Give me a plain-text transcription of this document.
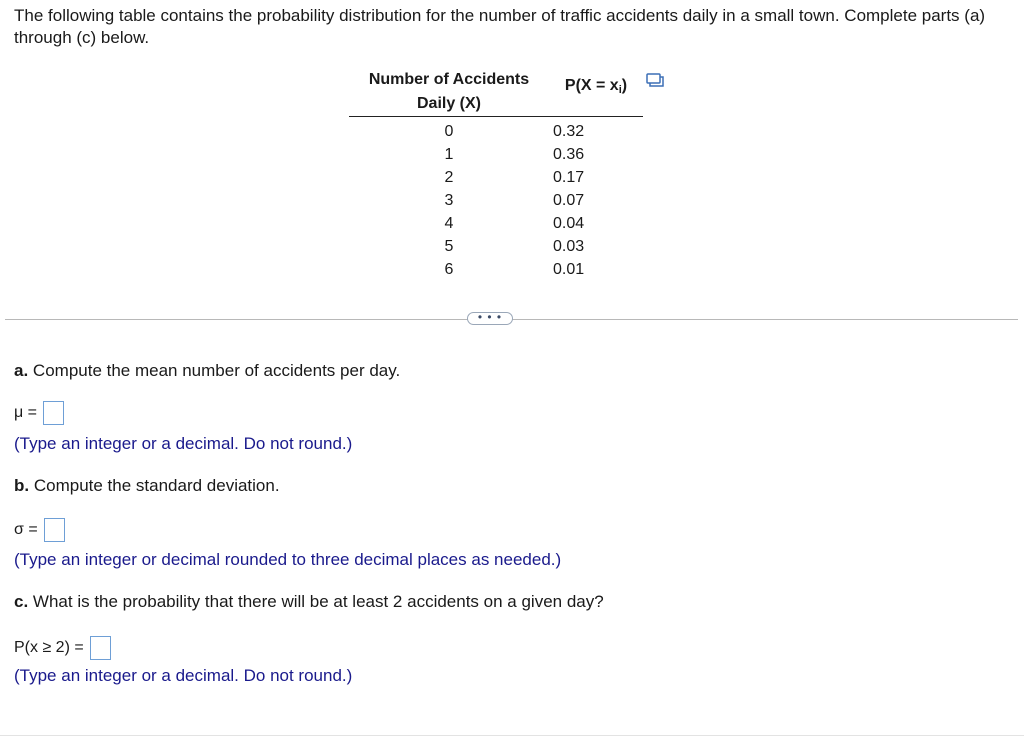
The following table contains the probability distribution for the number of traffic accidents daily in a small town. Complete parts (a) through (c) below.
Number of Accidents
Daily (X)	$P(X = x_i)$
0	0.32
1	0.36
2	0.17
3	0.07
4	0.04
5	0.03
6	0.01
• • •
a. Compute the mean number of accidents per day.
μ =
(Type an integer or a decimal. Do not round.)
b. Compute the standard deviation.
σ =
(Type an integer or decimal rounded to three decimal places as needed.)
c. What is the probability that there will be at least 2 accidents on a given day?
P(x ≥ 2) =
(Type an integer or a decimal. Do not round.)
